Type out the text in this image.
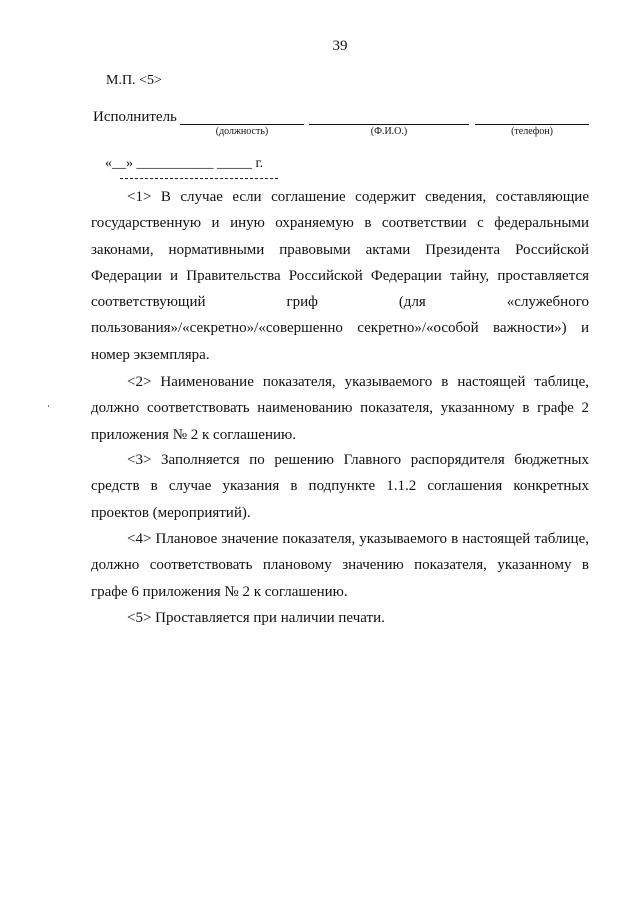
39
М.П. <5>
Исполнитель
(должность)	(Ф.И.О.)	(телефон)
«__» ___________ _____ г.

<1> В случае если соглашение содержит сведения, составляющие государственную и иную охраняемую в соответствии с федеральными законами, нормативными правовыми актами Президента Российской Федерации и Правительства Российской Федерации тайну, проставляется соответствующий гриф (для «служебного пользования»/«секретно»/«совершенно секретно»/«особой важности») и номер экземпляра.

<2> Наименование показателя, указываемого в настоящей таблице, должно соответствовать наименованию показателя, указанному в графе 2 приложения № 2 к соглашению.

<3> Заполняется по решению Главного распорядителя бюджетных средств в случае указания в подпункте 1.1.2 соглашения конкретных проектов (мероприятий).

<4> Плановое значение показателя, указываемого в настоящей таблице, должно соответствовать плановому значению показателя, указанному в графе 6 приложения № 2 к соглашению.

<5> Проставляется при наличии печати.
